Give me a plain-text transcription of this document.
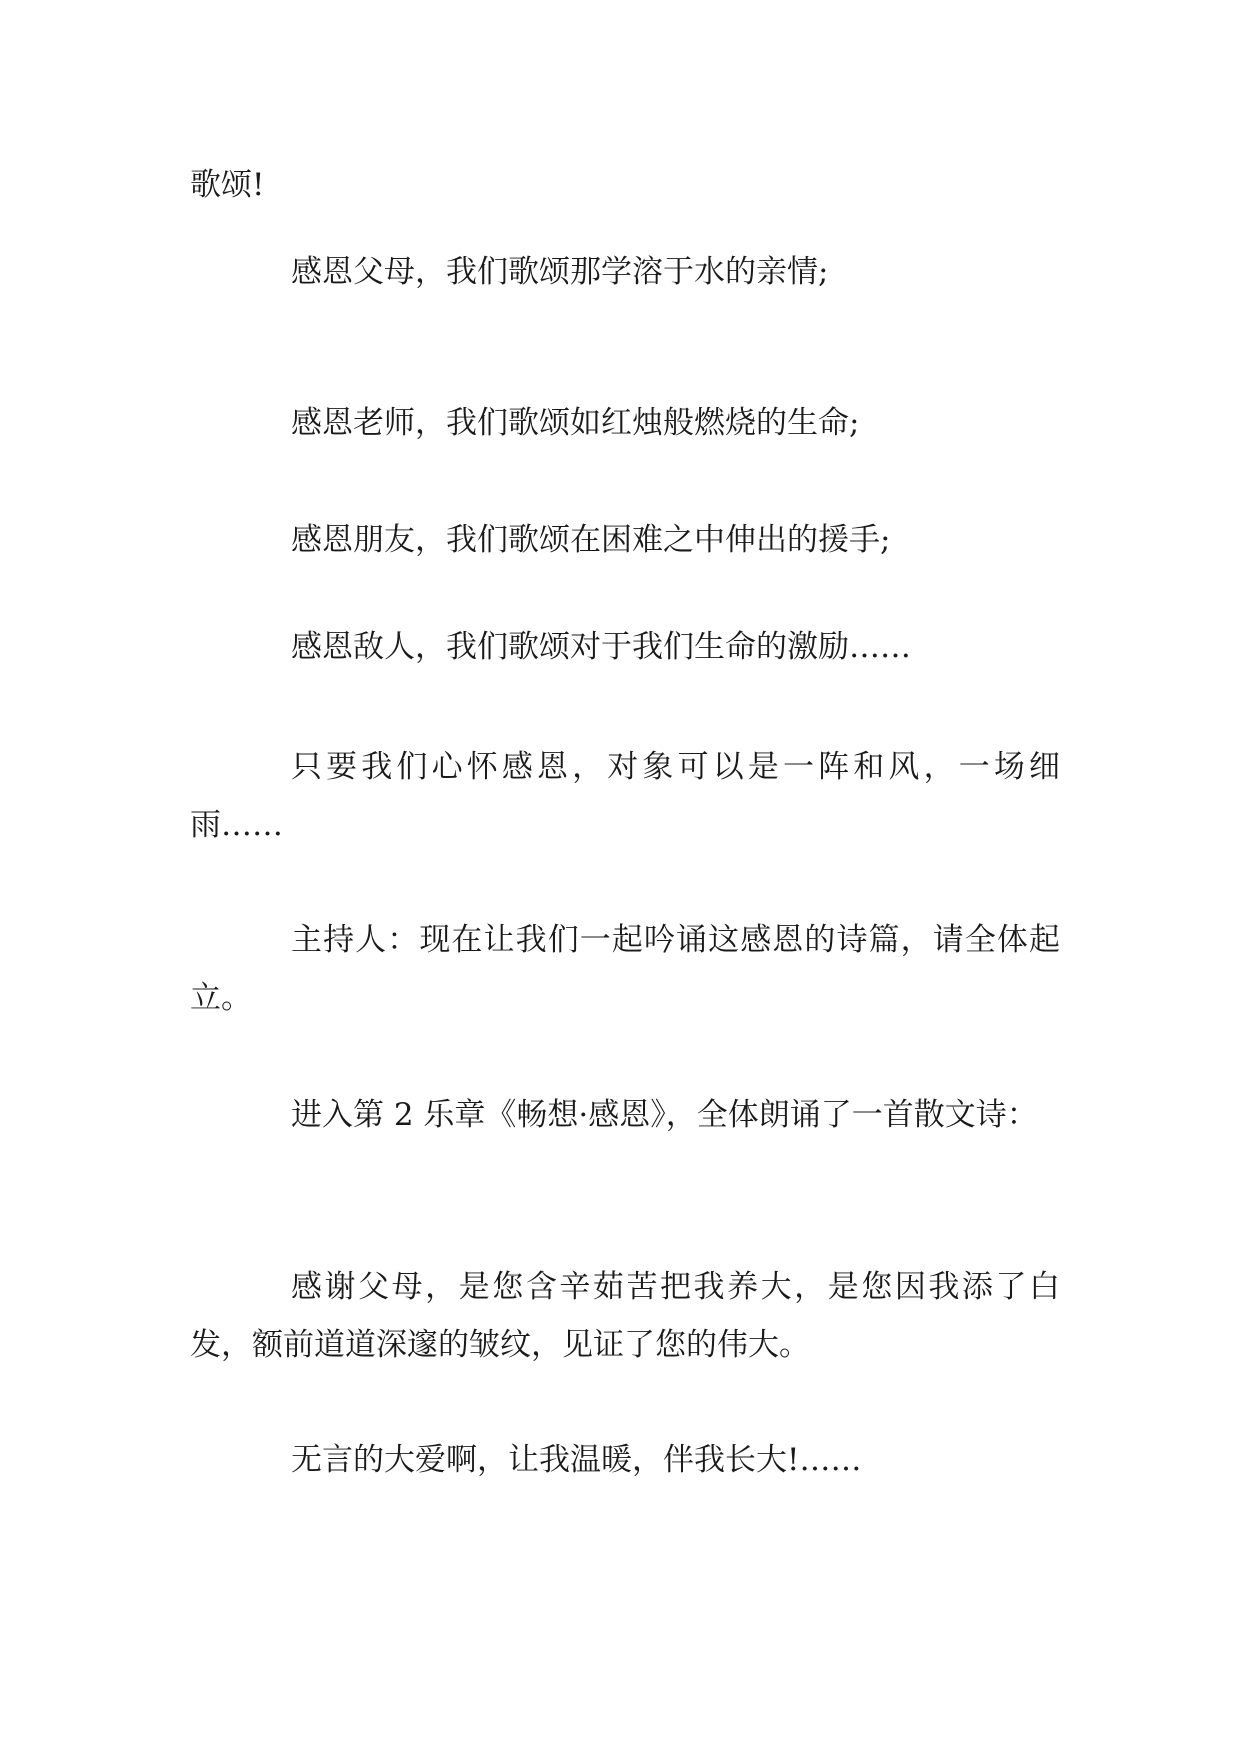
歌颂!

感恩父母，我们歌颂那学溶于水的亲情;

感恩老师，我们歌颂如红烛般燃烧的生命;

感恩朋友，我们歌颂在困难之中伸出的援手;

感恩敌人，我们歌颂对于我们生命的激励……

只要我们心怀感恩，对象可以是一阵和风，一场细雨……

主持人：现在让我们一起吟诵这感恩的诗篇，请全体起立。

进入第 2 乐章《畅想·感恩》，全体朗诵了一首散文诗：

感谢父母，是您含辛茹苦把我养大，是您因我添了白发，额前道道深邃的皱纹，见证了您的伟大。

无言的大爱啊，让我温暖，伴我长大!……
